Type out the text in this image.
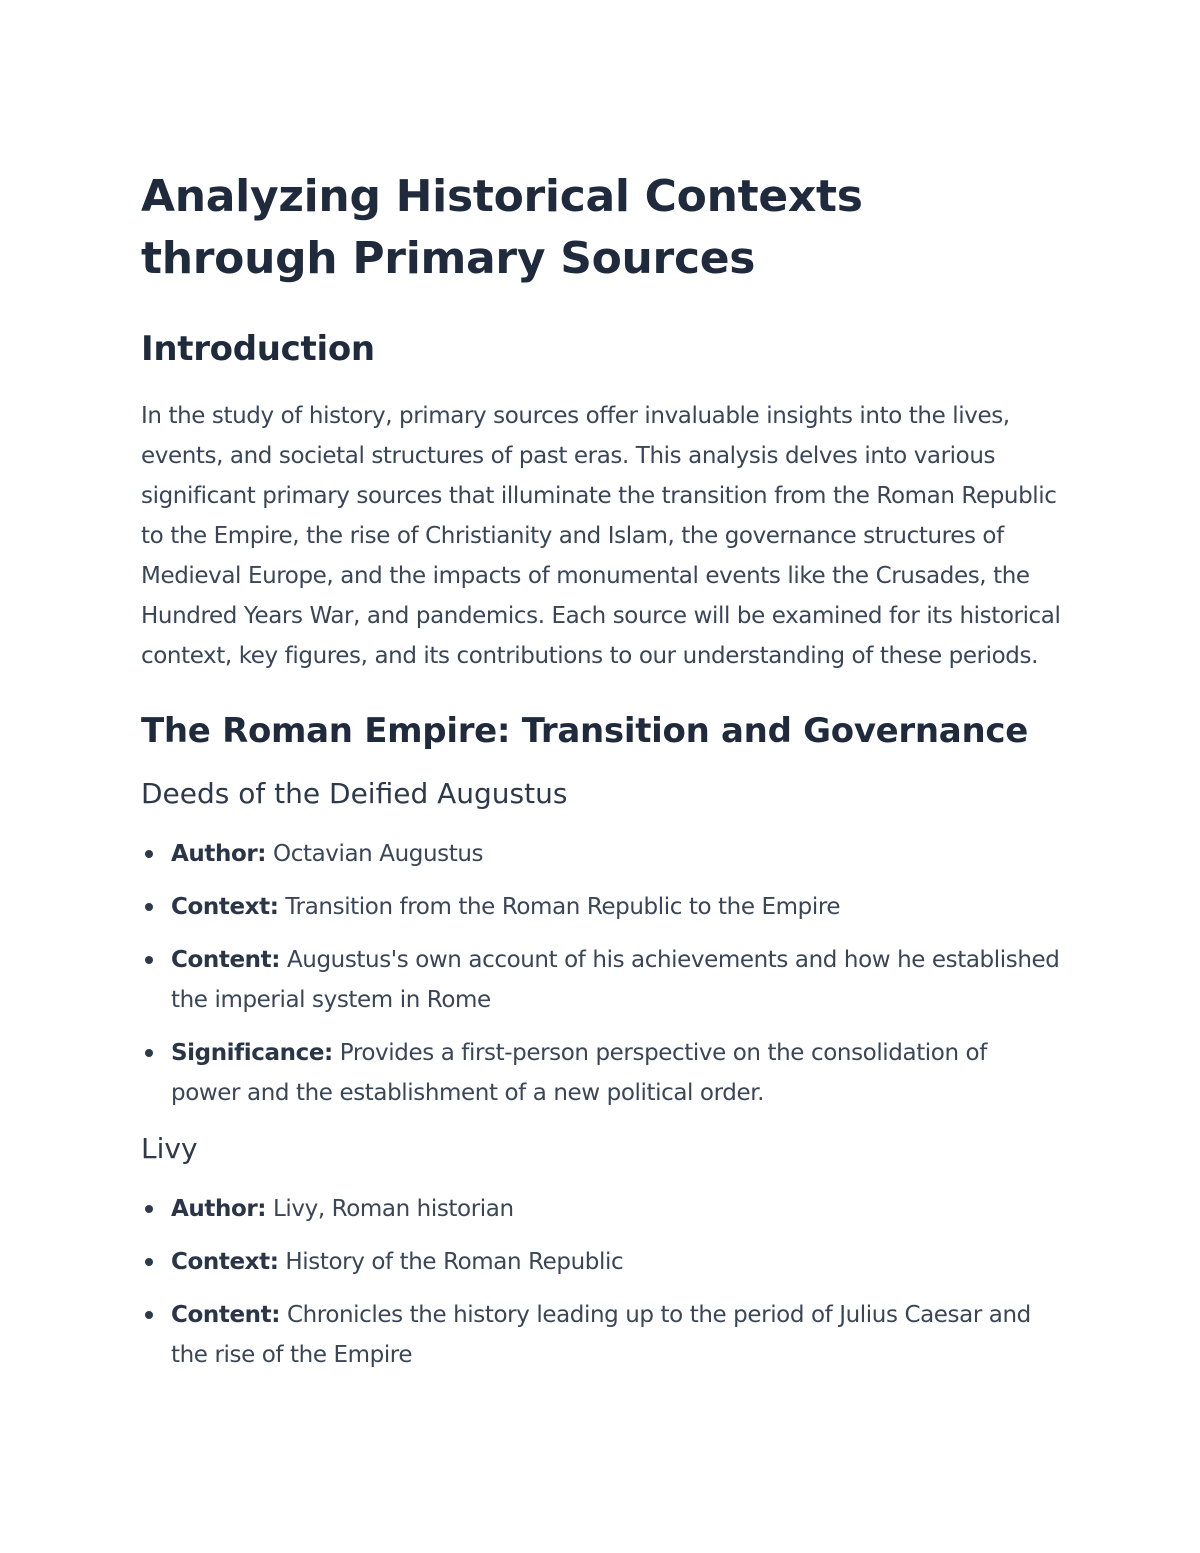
Analyzing Historical Contexts through Primary Sources
Introduction

In the study of history, primary sources offer invaluable insights into the lives, events, and societal structures of past eras. This analysis delves into various significant primary sources that illuminate the transition from the Roman Republic to the Empire, the rise of Christianity and Islam, the governance structures of Medieval Europe, and the impacts of monumental events like the Crusades, the Hundred Years War, and pandemics. Each source will be examined for its historical context, key figures, and its contributions to our understanding of these periods.

The Roman Empire: Transition and Governance
Deeds of the Deified Augustus
Author: Octavian Augustus
Context: Transition from the Roman Republic to the Empire
Content: Augustus's own account of his achievements and how he established the imperial system in Rome
Significance: Provides a first-person perspective on the consolidation of power and the establishment of a new political order.
Livy
Author: Livy, Roman historian
Context: History of the Roman Republic
Content: Chronicles the history leading up to the period of Julius Caesar and the rise of the Empire
